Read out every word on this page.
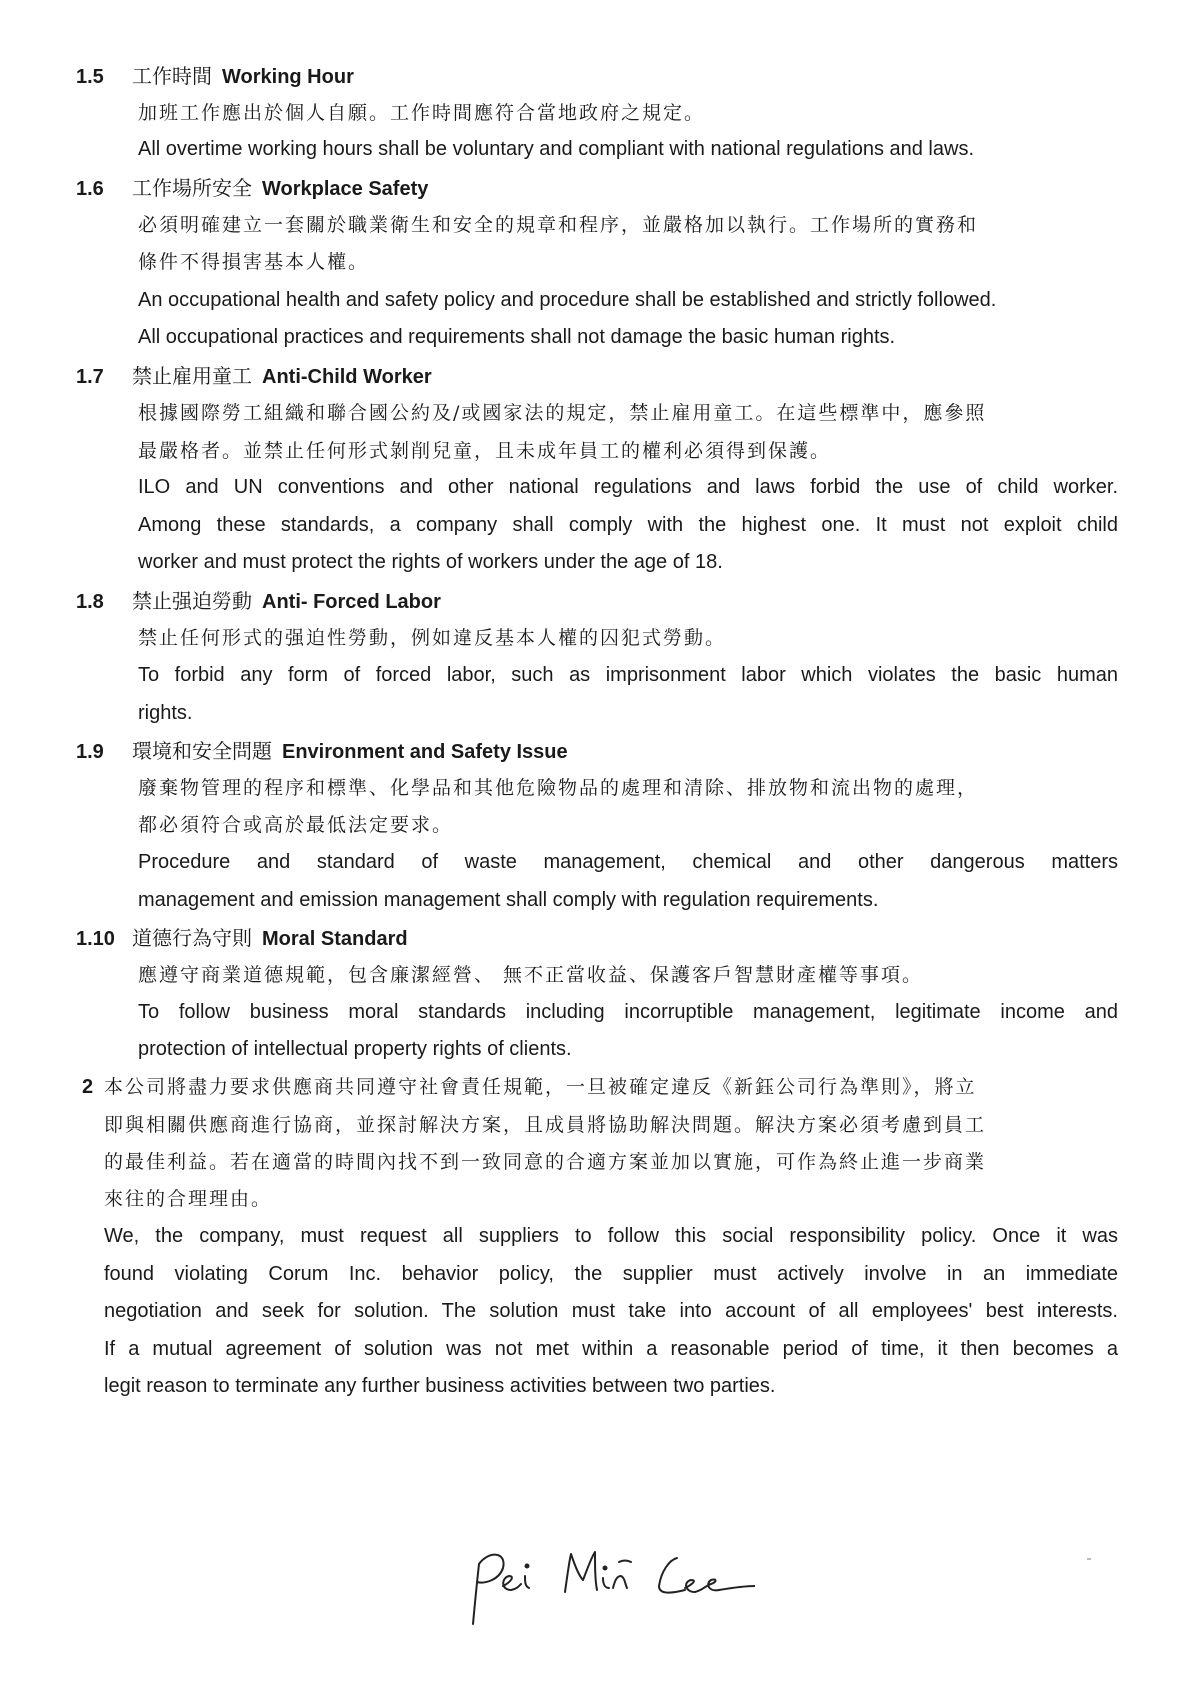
1.5 工作時間 Working Hour
加班工作應出於個人自願。工作時間應符合當地政府之規定。
All overtime working hours shall be voluntary and compliant with national regulations and laws.
1.6 工作場所安全 Workplace Safety
必須明確建立一套關於職業衛生和安全的規章和程序，並嚴格加以執行。工作場所的實務和
條件不得損害基本人權。
An occupational health and safety policy and procedure shall be established and strictly followed.
All occupational practices and requirements shall not damage the basic human rights.
1.7 禁止雇用童工 Anti-Child Worker
根據國際勞工組織和聯合國公約及/或國家法的規定，禁止雇用童工。在這些標準中，應參照
最嚴格者。並禁止任何形式剝削兒童，且未成年員工的權利必須得到保護。
ILO and UN conventions and other national regulations and laws forbid the use of child worker.
Among these standards, a company shall comply with the highest one. It must not exploit child
worker and must protect the rights of workers under the age of 18.
1.8 禁止强迫勞動 Anti- Forced Labor
禁止任何形式的强迫性勞動，例如違反基本人權的囚犯式勞動。
To forbid any form of forced labor, such as imprisonment labor which violates the basic human
rights.
1.9 環境和安全問題 Environment and Safety Issue
廢棄物管理的程序和標準、化學品和其他危險物品的處理和清除、排放物和流出物的處理，
都必須符合或高於最低法定要求。
Procedure and standard of waste management, chemical and other dangerous matters
management and emission management shall comply with regulation requirements.
1.10 道德行為守則 Moral Standard
應遵守商業道德規範，包含廉潔經營、 無不正當收益、保護客戶智慧財產權等事項。
To follow business moral standards including incorruptible management, legitimate income and
protection of intellectual property rights of clients.
2 本公司將盡力要求供應商共同遵守社會責任規範，一旦被確定違反《新鈺公司行為準則》，將立
即與相關供應商進行協商，並探討解決方案，且成員將協助解決問題。解決方案必須考慮到員工
的最佳利益。若在適當的時間內找不到一致同意的合適方案並加以實施，可作為終止進一步商業
來往的合理理由。
We, the company, must request all suppliers to follow this social responsibility policy. Once it was
found violating Corum Inc. behavior policy, the supplier must actively involve in an immediate
negotiation and seek for solution. The solution must take into account of all employees' best interests.
If a mutual agreement of solution was not met within a reasonable period of time, it then becomes a
legit reason to terminate any further business activities between two parties.
